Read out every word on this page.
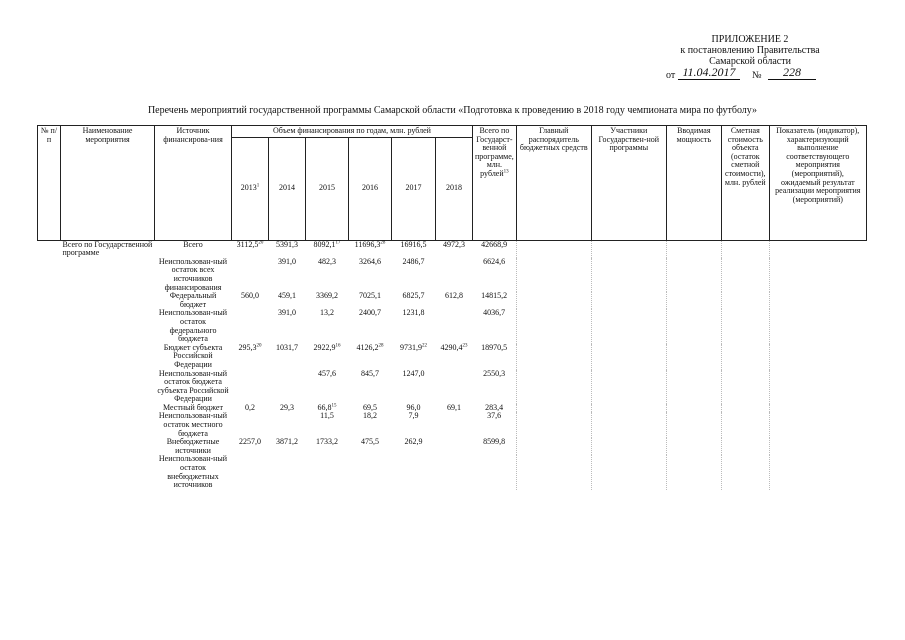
ПРИЛОЖЕНИЕ 2
к постановлению Правительства
Самарской области
от 11.04.2017	№	228
Перечень мероприятий государственной программы Самарской области «Подготовка к проведению в 2018 году чемпионата мира по футболу»
№ п/п	Наименование мероприятия	Источник финансирова-ния	Объем финансирования по годам, млн. рублей						Всего по Государст-венной программе, млн. рублей$^{13}$	Главный распорядитель бюджетных средств	Участники Государствен-ной программы	Вводимая мощность	Сметная стоимость объекта (остаток сметной стоимости), млн. рублей	Показатель (индикатор), характеризующий выполнение соответствующего мероприятия (мероприятий), ожидаемый результат реализации мероприятия (мероприятий)
			2013$^1$	2014	2015	2016	2017	2018						
	Всего по Государственной программе	Всего	3112,5$^{20}$	5391,3	8092,1$^{17}$	11696,3$^{28}$	16916,5	4972,3	42668,9					
		Неиспользован-ный остаток всех источников финансирования		391,0	482,3	3264,6	2486,7		6624,6					
		Федеральный бюджет	560,0	459,1	3369,2	7025,1	6825,7	612,8	14815,2					
		Неиспользован-ный остаток федерального бюджета		391,0	13,2	2400,7	1231,8		4036,7					
		Бюджет субъекта Российской Федерации	295,3$^{20}$	1031,7	2922,9$^{16}$	4126,2$^{28}$	9731,9$^{22}$	4290,4$^{23}$	18970,5					
		Неиспользован-ный остаток бюджета субъекта Российской Федерации			457,6	845,7	1247,0		2550,3					
		Местный бюджет	0,2	29,3	66,8$^{15}$	69,5	96,0	69,1	283,4					
		Неиспользован-ный остаток местного бюджета			11,5	18,2	7,9		37,6					
		Внебюджетные источники	2257,0	3871,2	1733,2	475,5	262,9		8599,8					
		Неиспользован-ный остаток внебюджетных источников												
